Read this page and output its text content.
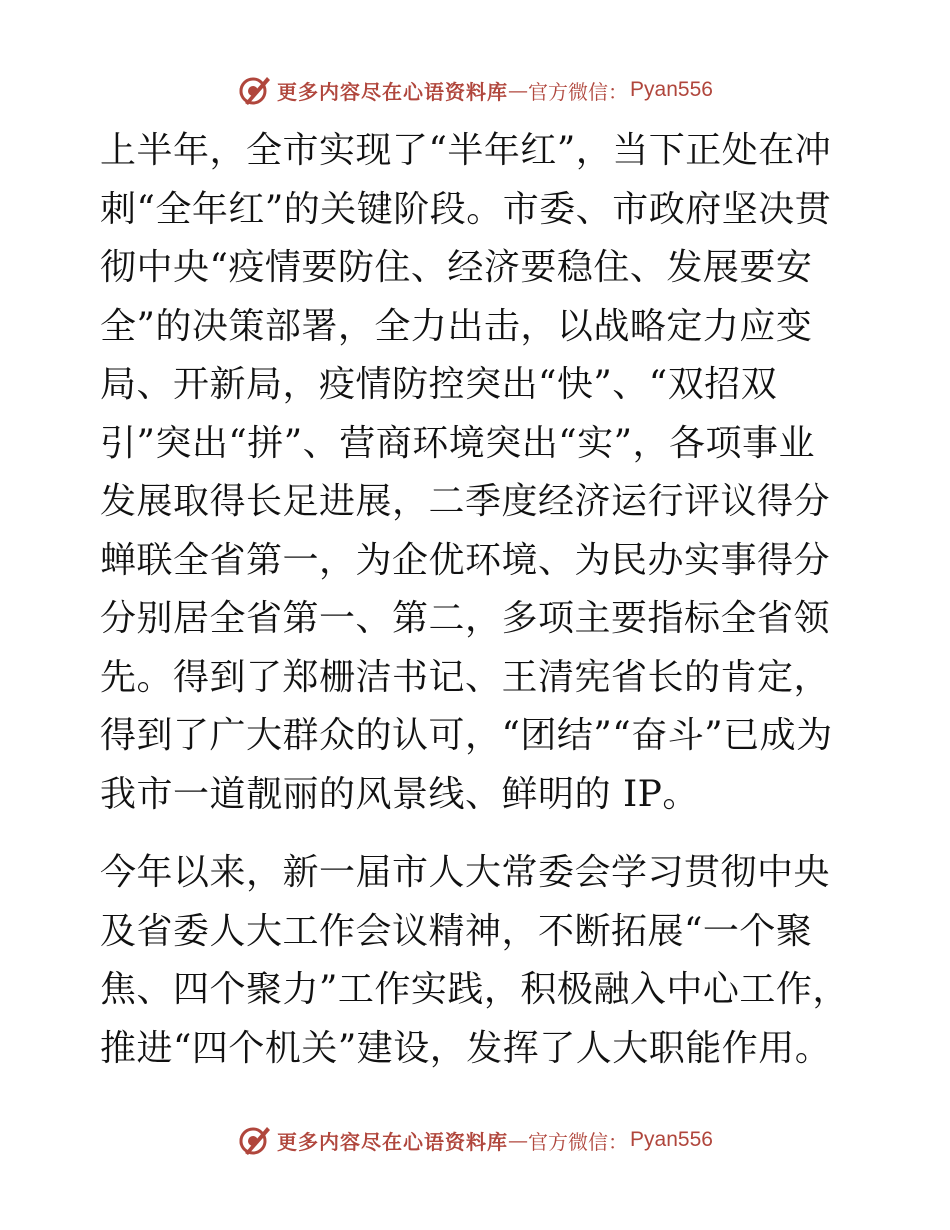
更多内容尽在心语资料库 — 官方微信： Pyan556

上半年，全市实现了“半年红”，当下正处在冲刺“全年红”的关键阶段。市委、市政府坚决贯彻中央“疫情要防住、经济要稳住、发展要安全”的决策部署，全力出击，以战略定力应变局、开新局，疫情防控突出“快”、“双招双引”突出“拼”、营商环境突出“实”，各项事业发展取得长足进展，二季度经济运行评议得分蝉联全省第一，为企优环境、为民办实事得分分别居全省第一、第二，多项主要指标全省领先。得到了郑栅洁书记、王清宪省长的肯定，得到了广大群众的认可，“团结”“奋斗”已成为我市一道靓丽的风景线、鲜明的 IP。

今年以来，新一届市人大常委会学习贯彻中央及省委人大工作会议精神，不断拓展“一个聚焦、四个聚力”工作实践，积极融入中心工作，推进“四个机关”建设，发挥了人大职能作用。

更多内容尽在心语资料库 — 官方微信： Pyan556
